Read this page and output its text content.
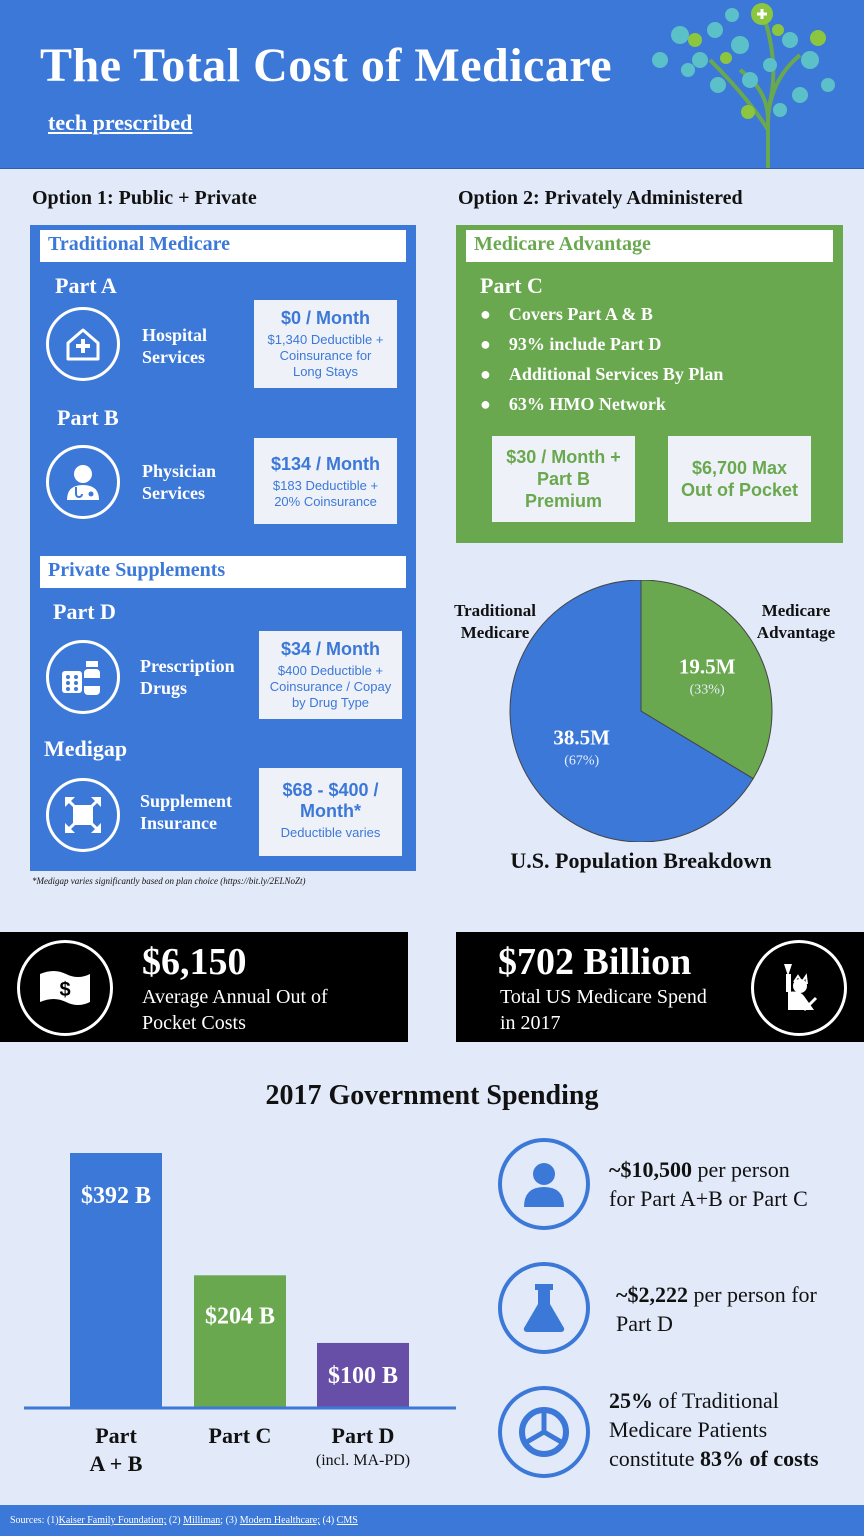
The Total Cost of Medicare
tech prescribed
Option 1: Public + Private	Option 2: Privately Administered
Traditional Medicare
Part A
Hospital
Services
$0 / Month
$1,340 Deductible +
Coinsurance for
Long Stays
Part B
Physician
Services
$134 / Month
$183 Deductible +
20% Coinsurance
Private Supplements
Part D
Prescription
Drugs
$34 / Month
$400 Deductible +
Coinsurance / Copay
by Drug Type
Medigap
Supplement
Insurance
$68 - $400 /
Month*
Deductible varies
*Medigap varies significantly based on plan choice (https://bit.ly/2ELNoZt)
Medicare Advantage
Part C
●    Covers Part A & B
●    93% include Part D
●    Additional Services By Plan
●    63% HMO Network
$30 / Month +
Part B
Premium
$6,700 Max
Out of Pocket
Traditional
Medicare
Medicare
Advantage
38.5M
(67%)
19.5M
(33%)
U.S. Population Breakdown
$
$6,150
Average Annual Out of
Pocket Costs
$702 Billion
Total US Medicare Spend
in 2017
2017 Government Spending
$392 B
Part
A + B
$204 B
Part C
$100 B
Part D
(incl. MA-PD)
~$10,500 per person
for Part A+B or Part C
~$2,222 per person for
Part D
25% of Traditional
Medicare Patients
constitute 83% of costs
Sources: (1)Kaiser Family Foundation; (2) Milliman; (3) Modern Healthcare; (4) CMS
